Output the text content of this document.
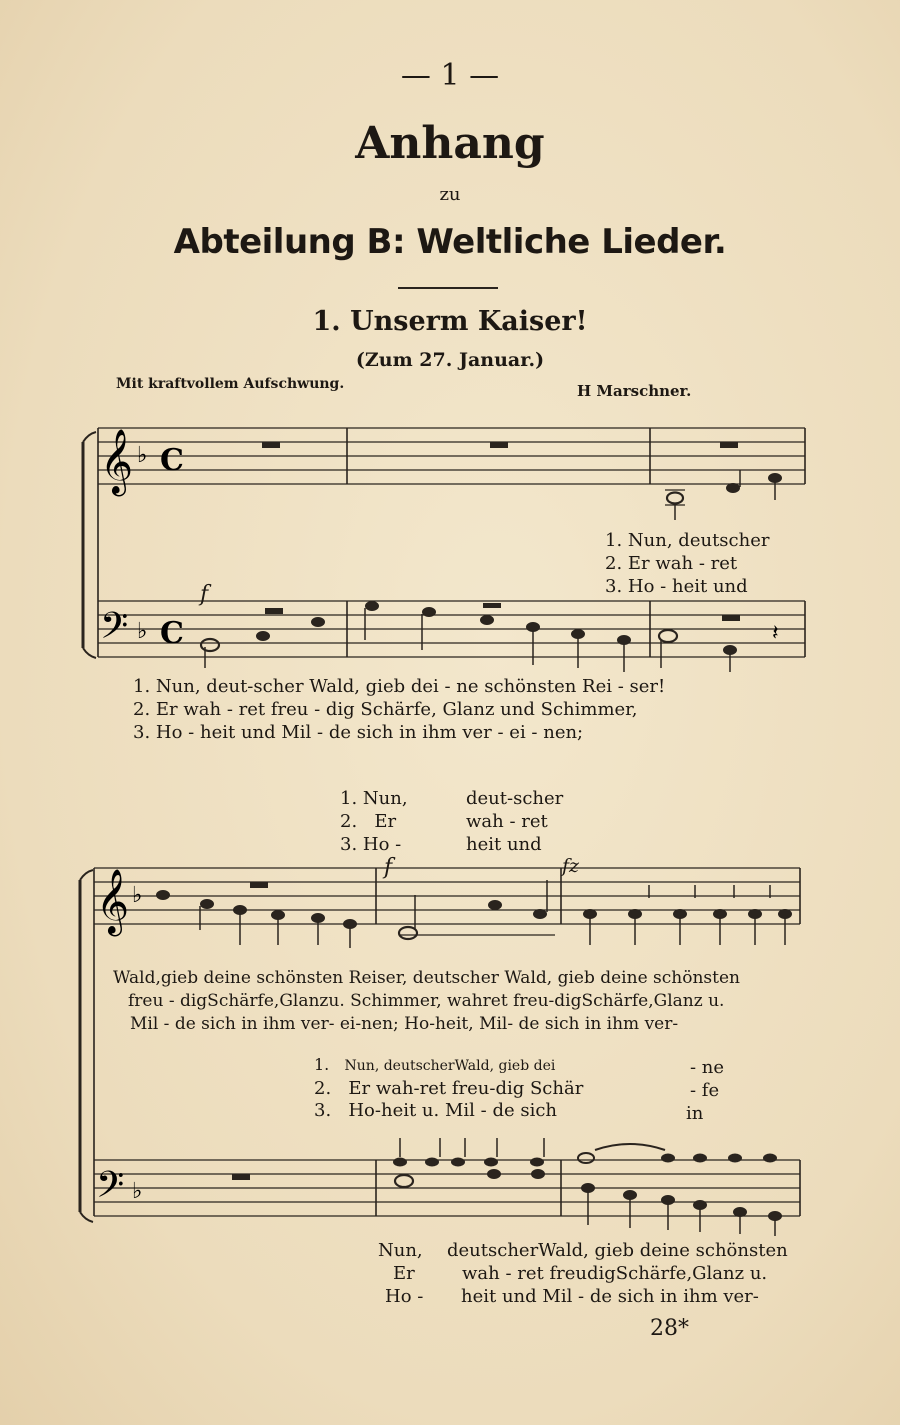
— 1 —
Anhang
zu
Abteilung B: Weltliche Lieder.
1. Unserm Kaiser!
(Zum 27. Januar.)
Mit kraftvollem Aufschwung.	H Marschner.
𝄞 ♭ C
𝄢 ♭ C	𝄽
𝄞 ♭
𝄢 ♭
1. Nun, deutscher
2. Er wah - ret
3. Ho - heit und
f
1. Nun, deut-scher Wald, gieb dei - ne schönsten Rei - ser!
2. Er wah - ret freu - dig Schärfe, Glanz und Schimmer,
3. Ho - heit und Mil - de sich in ihm ver - ei - nen;
1. Nun,	deut-scher
2. Er	wah - ret
3. Ho -	heit und
f	fz
Wald,gieb deine schönsten Reiser, deutscher Wald, gieb deine schönsten
freu - digSchärfe,Glanzu. Schimmer, wahret freu-digSchärfe,Glanz u.
Mil - de sich in ihm ver- ei-nen; Ho-heit, Mil- de sich in ihm ver-
1. Nun, deutscherWald, gieb dei	- ne
2. Er wah-ret freu-dig Schär	- fe
3. Ho-heit u. Mil - de sich	in
Nun, deutscherWald, gieb deine schönsten
Er	wah - ret freudigSchärfe,Glanz u.
Ho - heit und Mil - de sich in ihm ver-
28*
